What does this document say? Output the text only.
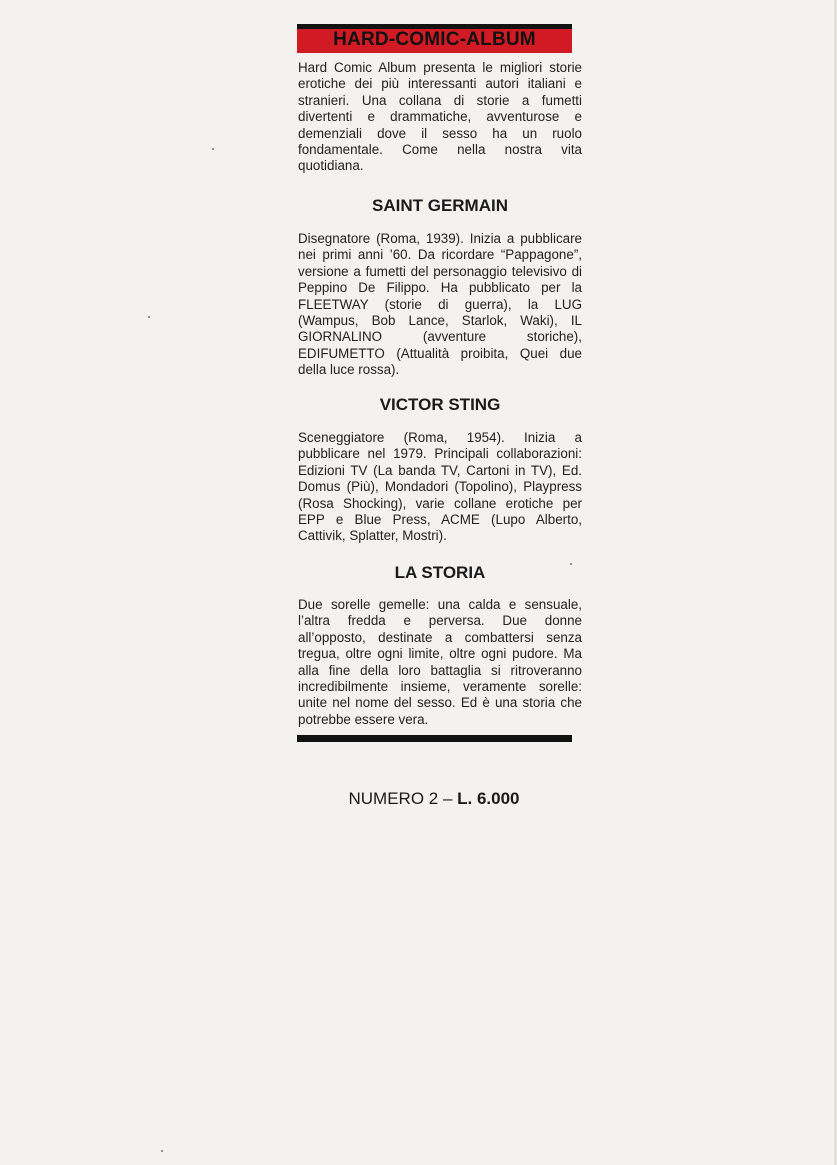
HARD-COMIC-ALBUM

Hard Comic Album presenta le migliori storie erotiche dei più interessanti autori italiani e stranieri. Una collana di storie a fumetti divertenti e drammatiche, avventurose e demenziali dove il sesso ha un ruolo fondamentale. Come nella nostra vita quotidiana.

SAINT GERMAIN

Disegnatore (Roma, 1939). Inizia a pubblicare nei primi anni ’60. Da ricordare “Pappagone”, versione a fumetti del personaggio televisivo di Peppino De Filippo. Ha pubblicato per la FLEETWAY (storie di guerra), la LUG (Wampus, Bob Lance, Starlok, Waki), IL GIORNALINO (avventure storiche), EDIFUMETTO (Attualità proibita, Quei due della luce rossa).

VICTOR STING

Sceneggiatore (Roma, 1954). Inizia a pubblicare nel 1979. Principali collaborazioni: Edizioni TV (La banda TV, Cartoni in TV), Ed. Domus (Più), Mondadori (Topolino), Playpress (Rosa Shocking), varie collane erotiche per EPP e Blue Press, ACME (Lupo Alberto, Cattivik, Splatter, Mostri).

LA STORIA

Due sorelle gemelle: una calda e sensuale, l’altra fredda e perversa. Due donne all’opposto, destinate a combattersi senza tregua, oltre ogni limite, oltre ogni pudore. Ma alla fine della loro battaglia si ritroveranno incredibilmente insieme, veramente sorelle: unite nel nome del sesso. Ed è una storia che potrebbe essere vera.

NUMERO 2 – L. 6.000
